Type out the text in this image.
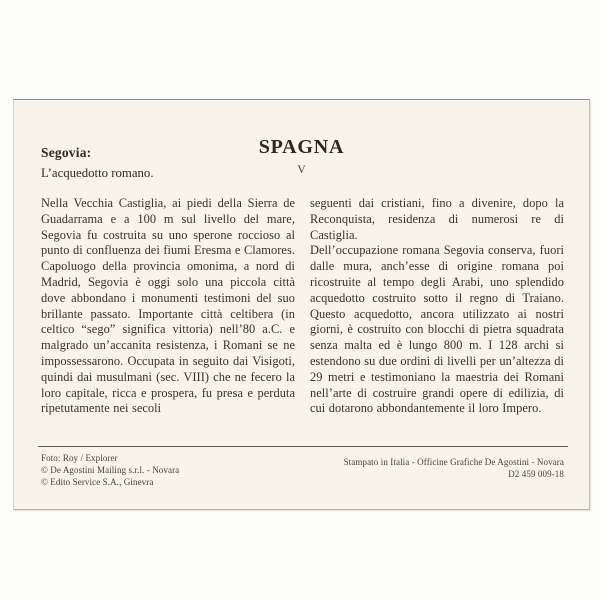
Segovia:
L’acquedotto romano.
SPAGNA
V

Nella Vecchia Castiglia, ai piedi della Sierra de Guadarrama e a 100 m sul livello del mare, Segovia fu costruita su uno sperone roccioso al punto di confluenza dei fiumi Eresma e Clamores. Capoluogo della provincia omonima, a nord di Madrid, Segovia è oggi solo una piccola città dove abbondano i monumenti testimoni del suo brillante passato. Importante città celtibera (in celtico “sego” significa vittoria) nell’80 a.C. e malgrado un’accanita resistenza, i Romani se ne impossessarono. Occupata in seguito dai Visigoti, quindi dai musulmani (sec. VIII) che ne fecero la loro capitale, ricca e prospera, fu presa e perduta ripetutamente nei secoli

seguenti dai cristiani, fino a divenire, dopo la Reconquista, residenza di numerosi re di Castiglia.

Dell’occupazione romana Segovia conserva, fuori dalle mura, anch’esse di origine romana poi ricostruite al tempo degli Arabi, uno splendido acquedotto costruito sotto il regno di Traiano. Questo acquedotto, ancora utilizzato ai nostri giorni, è costruito con blocchi di pietra squadrata senza malta ed è lungo 800 m. I 128 archi si estendono su due ordini di livelli per un’altezza di 29 metri e testimoniano la maestria dei Romani nell’arte di costruire grandi opere di edilizia, di cui dotarono abbondantemente il loro Impero.

Foto: Roy / Explorer
© De Agostini Mailing s.r.l. - Novara
© Edito Service S.A., Ginevra
Stampato in Italia - Officine Grafiche De Agostini - Novara
D2 459 009-18
